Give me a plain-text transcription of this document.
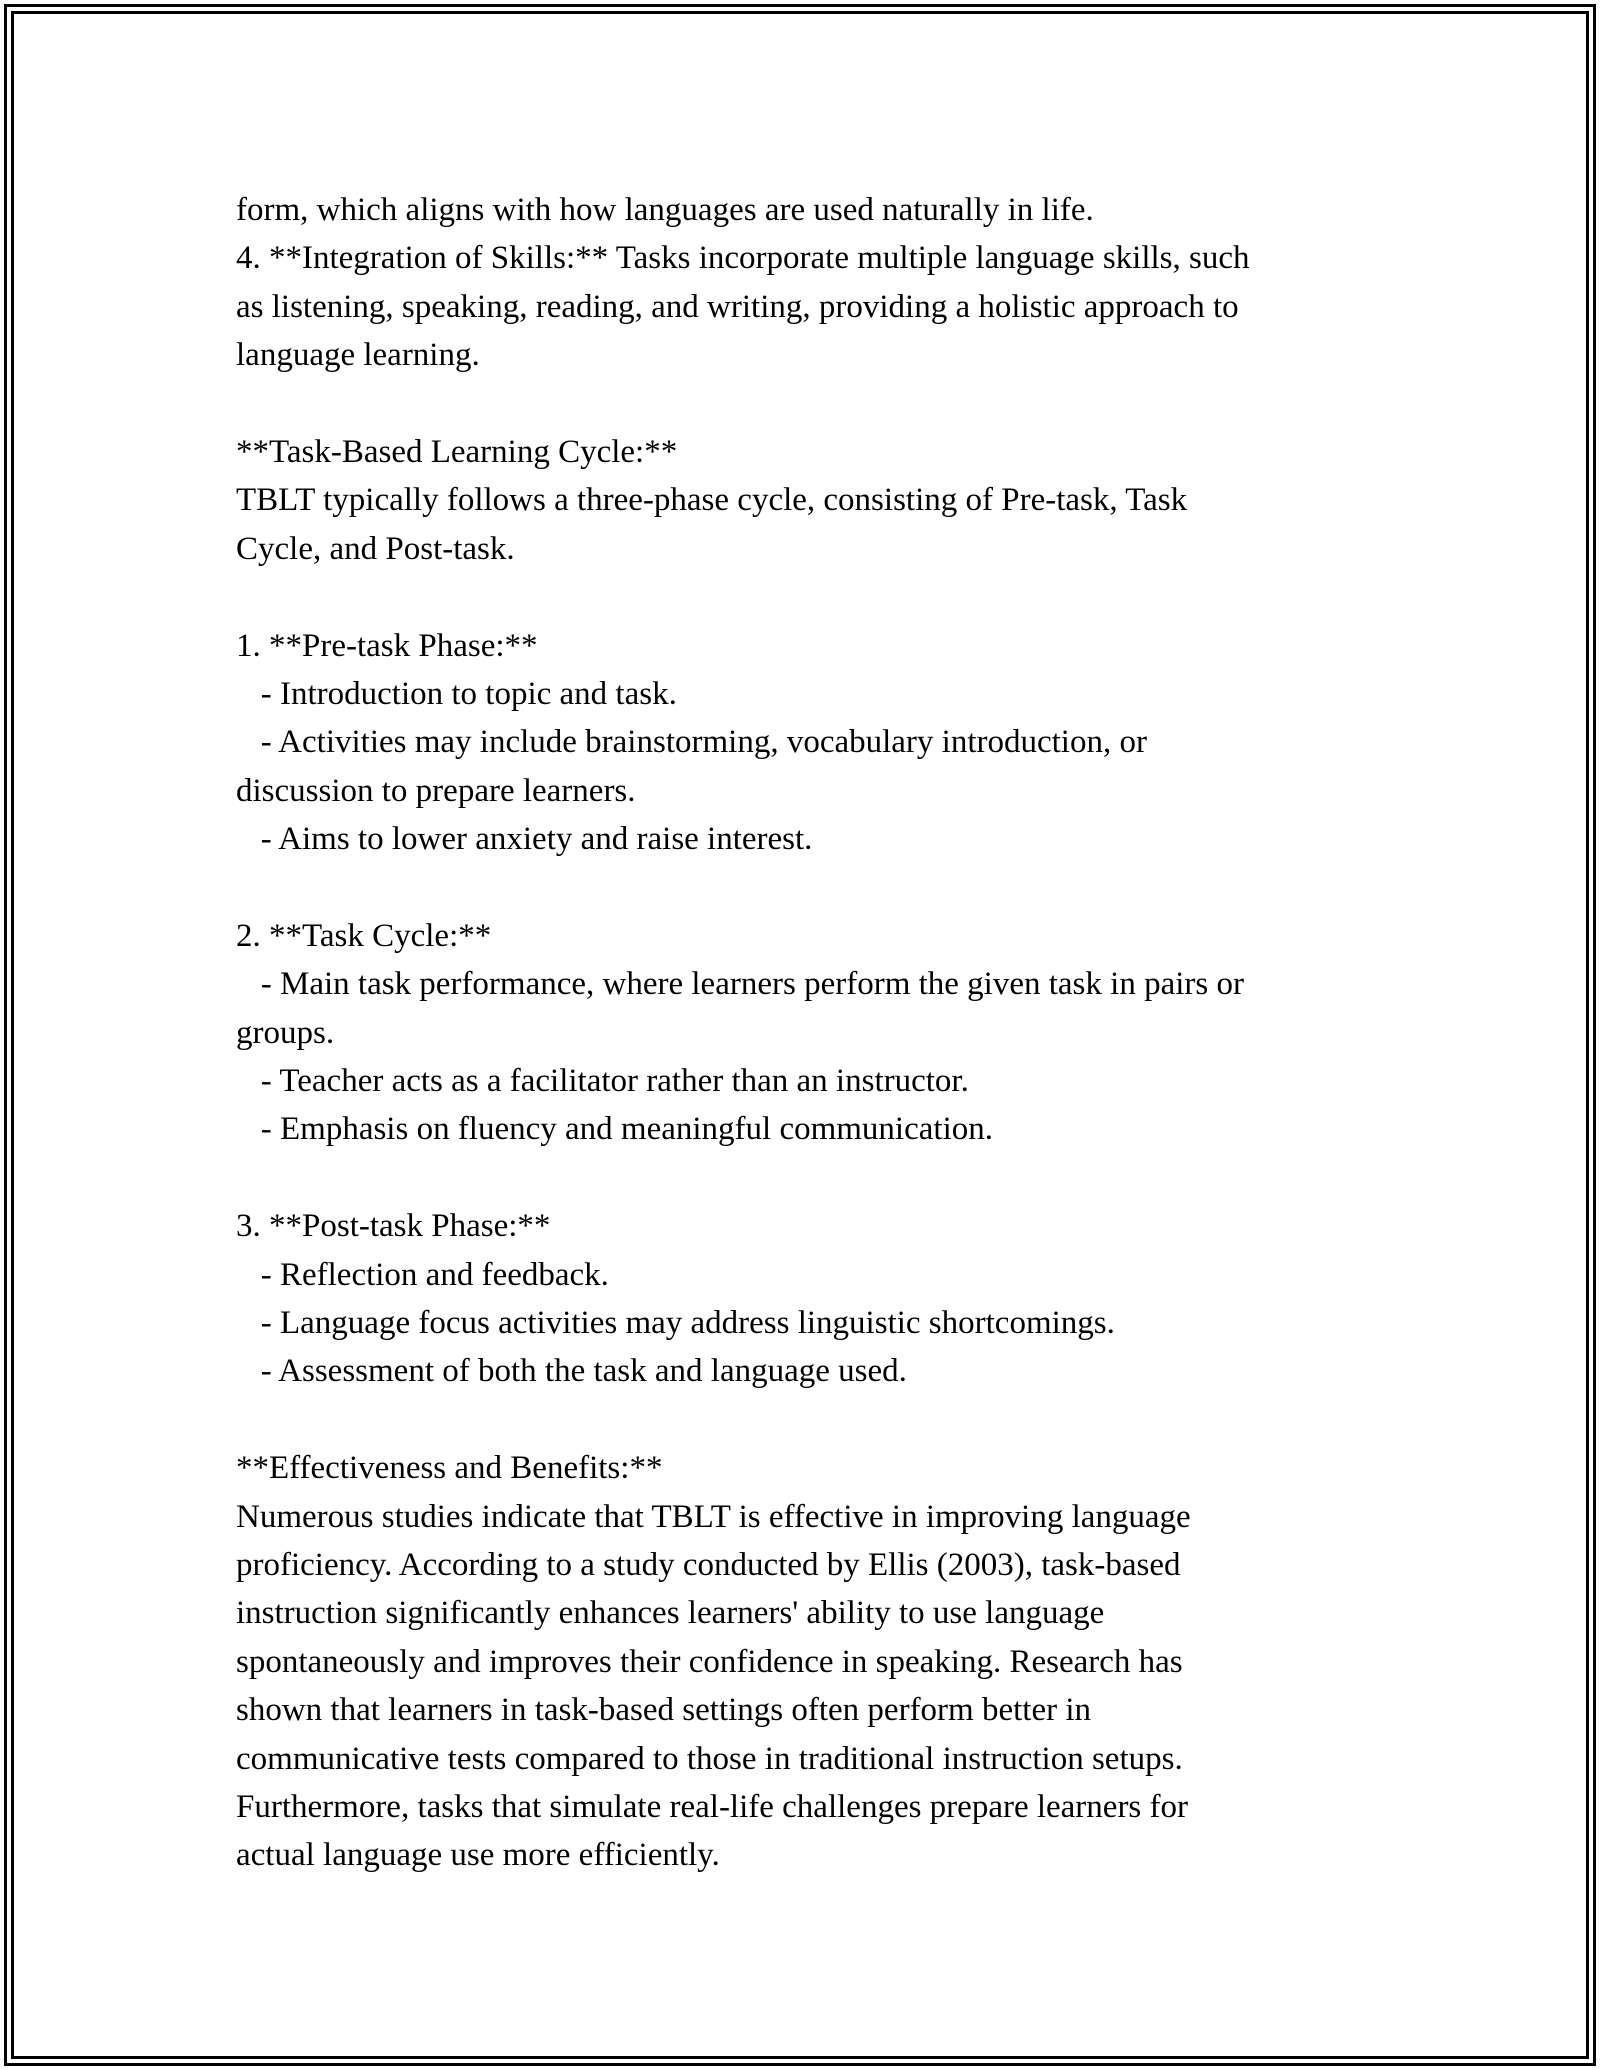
form, which aligns with how languages are used naturally in life.
4. **Integration of Skills:** Tasks incorporate multiple language skills, such
as listening, speaking, reading, and writing, providing a holistic approach to
language learning.
**Task-Based Learning Cycle:**
TBLT typically follows a three-phase cycle, consisting of Pre-task, Task
Cycle, and Post-task.
1. **Pre-task Phase:**
- Introduction to topic and task.
- Activities may include brainstorming, vocabulary introduction, or
discussion to prepare learners.
- Aims to lower anxiety and raise interest.
2. **Task Cycle:**
- Main task performance, where learners perform the given task in pairs or
groups.
- Teacher acts as a facilitator rather than an instructor.
- Emphasis on fluency and meaningful communication.
3. **Post-task Phase:**
- Reflection and feedback.
- Language focus activities may address linguistic shortcomings.
- Assessment of both the task and language used.
**Effectiveness and Benefits:**
Numerous studies indicate that TBLT is effective in improving language
proficiency. According to a study conducted by Ellis (2003), task-based
instruction significantly enhances learners' ability to use language
spontaneously and improves their confidence in speaking. Research has
shown that learners in task-based settings often perform better in
communicative tests compared to those in traditional instruction setups.
Furthermore, tasks that simulate real-life challenges prepare learners for
actual language use more efficiently.
